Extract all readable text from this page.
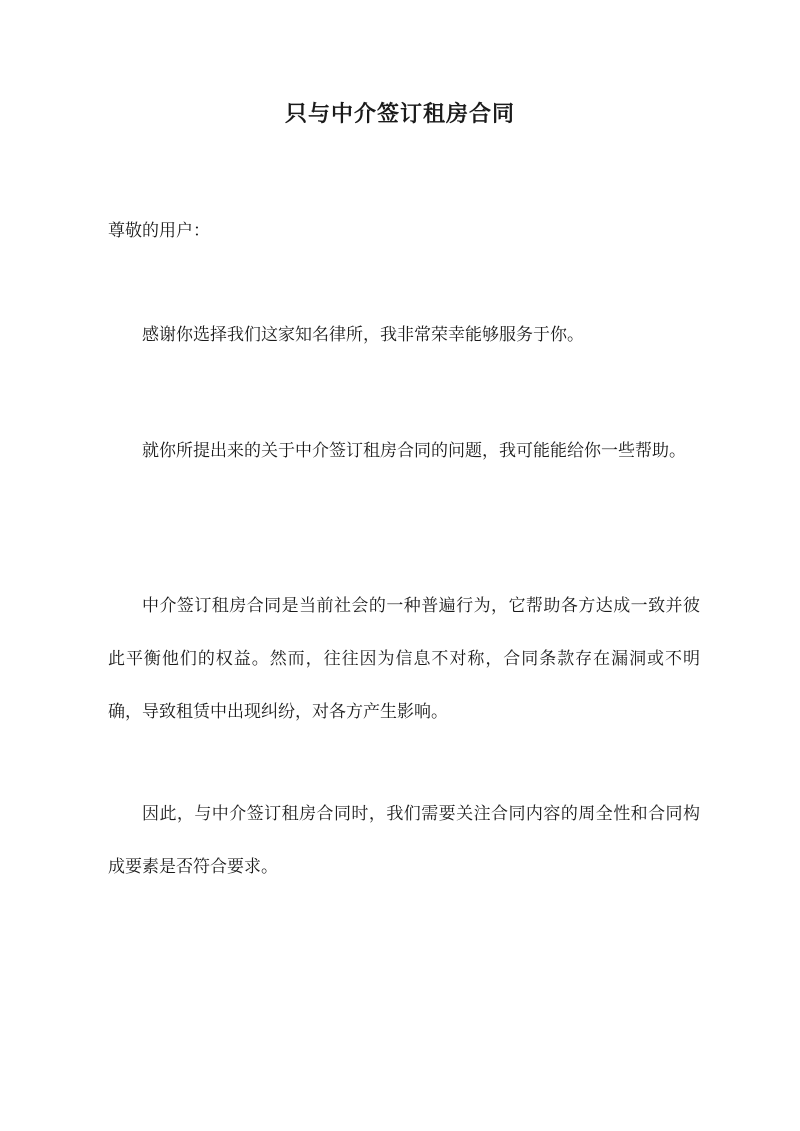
只与中介签订租房合同
尊敬的用户：
感谢你选择我们这家知名律所，我非常荣幸能够服务于你。
就你所提出来的关于中介签订租房合同的问题，我可能能给你一些帮助。
中介签订租房合同是当前社会的一种普遍行为，它帮助各方达成一致并彼此平衡他们的权益。然而，往往因为信息不对称，合同条款存在漏洞或不明确，导致租赁中出现纠纷，对各方产生影响。
因此，与中介签订租房合同时，我们需要关注合同内容的周全性和合同构成要素是否符合要求。
